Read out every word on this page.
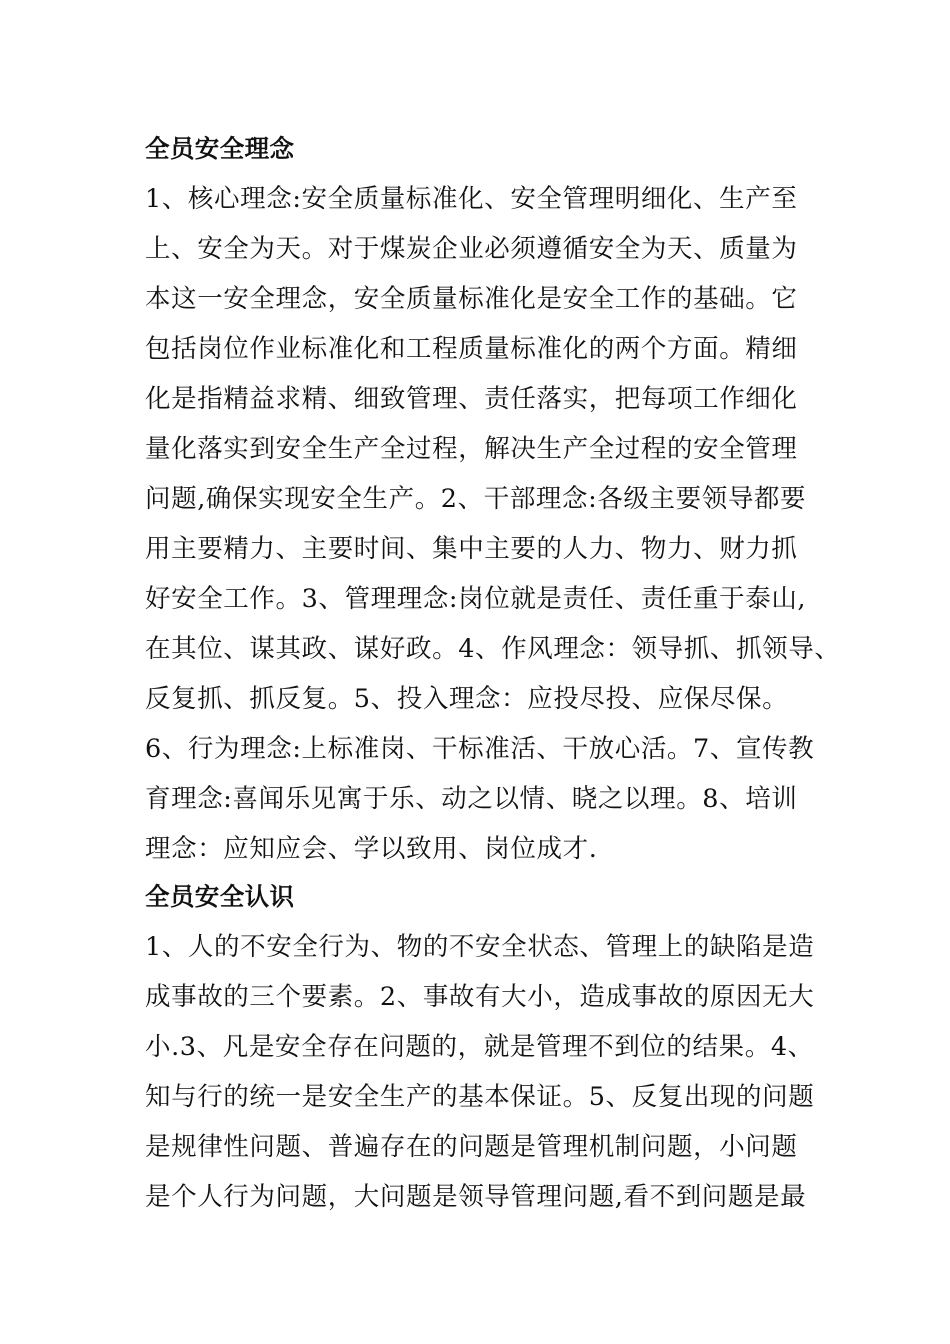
全员安全理念
1、核心理念:安全质量标准化、安全管理明细化、生产至
上、安全为天。对于煤炭企业必须遵循安全为天、质量为
本这一安全理念，安全质量标准化是安全工作的基础。它
包括岗位作业标准化和工程质量标准化的两个方面。精细
化是指精益求精、细致管理、责任落实，把每项工作细化
量化落实到安全生产全过程，解决生产全过程的安全管理
问题,确保实现安全生产。2、干部理念:各级主要领导都要
用主要精力、主要时间、集中主要的人力、物力、财力抓
好安全工作。3、管理理念:岗位就是责任、责任重于泰山,
在其位、谋其政、谋好政。4、作风理念：领导抓、抓领导、
反复抓、抓反复。5、投入理念：应投尽投、应保尽保。
6、行为理念:上标准岗、干标准活、干放心活。7、宣传教
育理念:喜闻乐见寓于乐、动之以情、晓之以理。8、培训
理念：应知应会、学以致用、岗位成才.
全员安全认识
1、人的不安全行为、物的不安全状态、管理上的缺陷是造
成事故的三个要素。2、事故有大小，造成事故的原因无大
小.3、凡是安全存在问题的，就是管理不到位的结果。4、
知与行的统一是安全生产的基本保证。5、反复出现的问题
是规律性问题、普遍存在的问题是管理机制问题，小问题
是个人行为问题，大问题是领导管理问题,看不到问题是最
